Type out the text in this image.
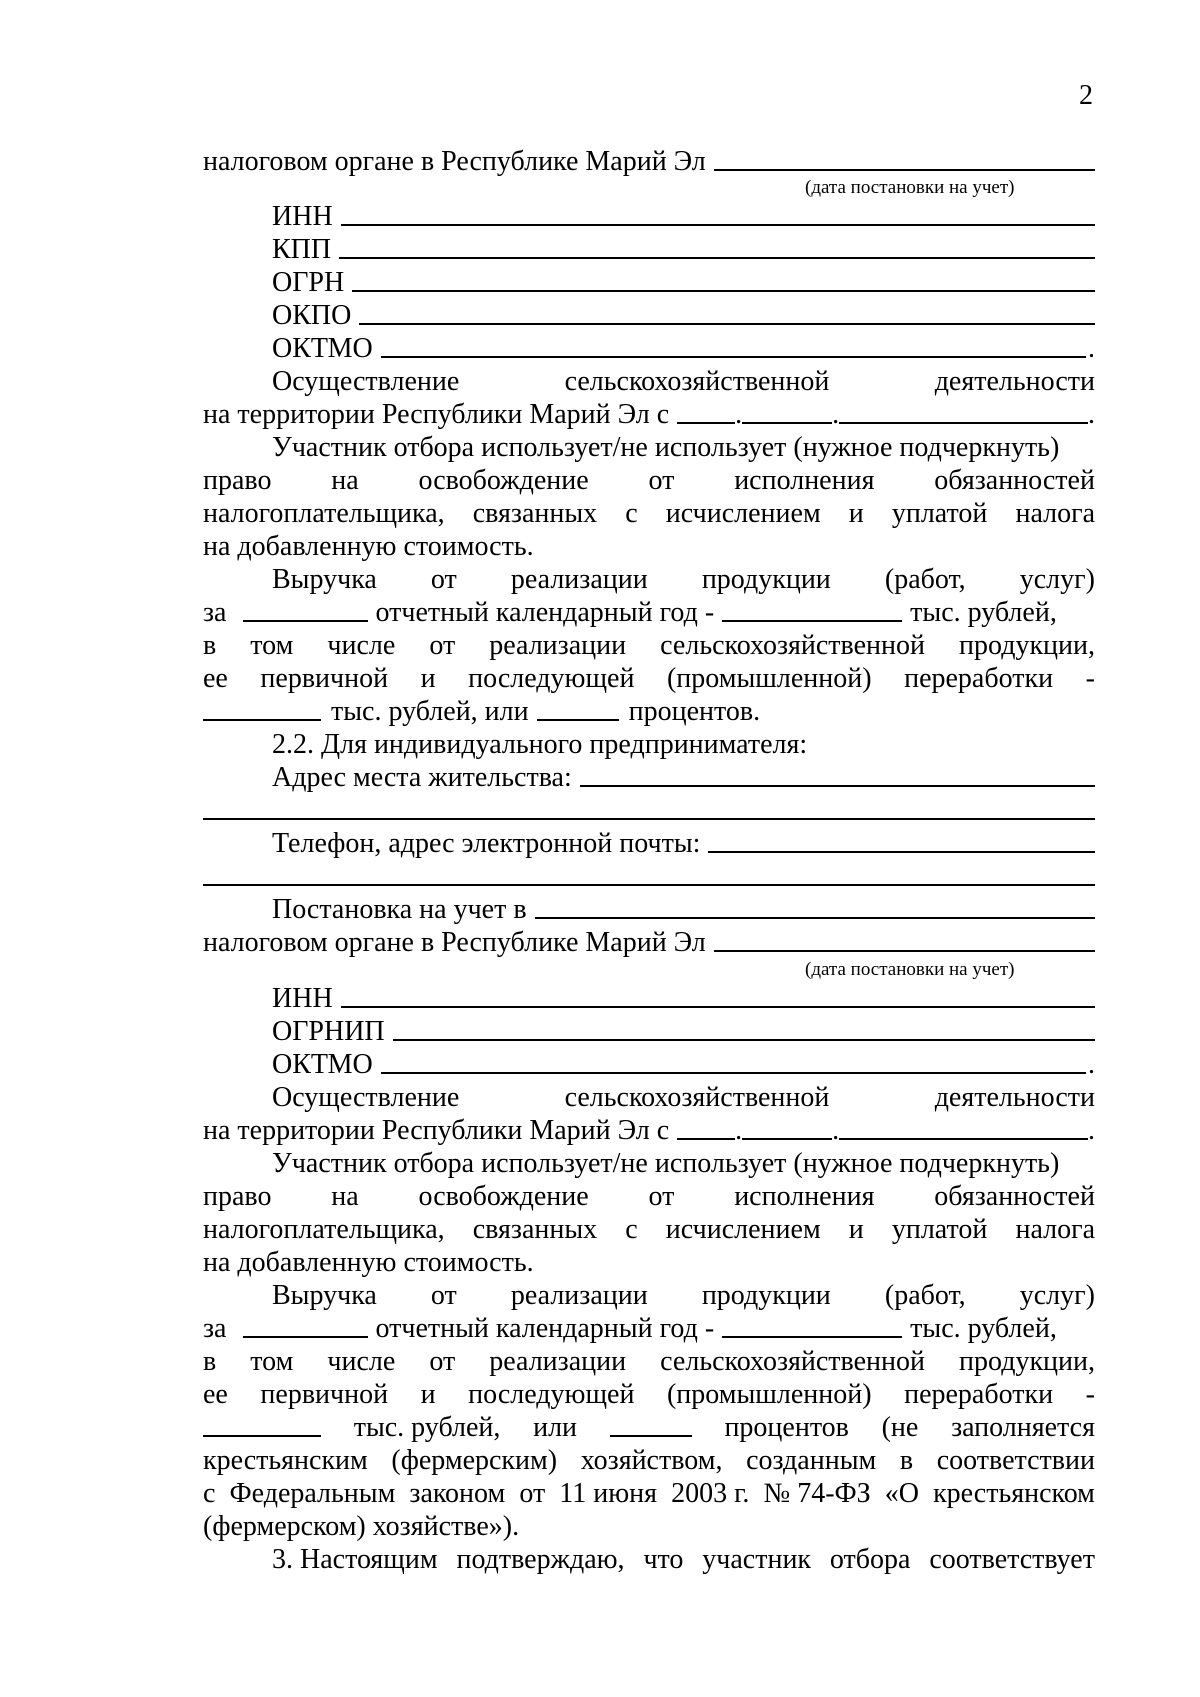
2
налоговом органе в Республике Марий Эл
(дата постановки на учет)
ИНН
КПП
ОГРН
ОКПО
ОКТМО	.
Осуществление	сельскохозяйственной	деятельности
на территории Республики Марий Эл с .	.	.
Участник отбора использует/не использует (нужное подчеркнуть)
право на освобождение от исполнения обязанностей
налогоплательщика, связанных с исчислением и уплатой налога
на добавленную стоимость.
Выручка от реализации продукции (работ, услуг)
за	отчетный календарный год -	тыс. рублей,
в том числе от реализации сельскохозяйственной продукции,
ее первичной и последующей (промышленной) переработки -
тыс. рублей, или	процентов.
2.2. Для индивидуального предпринимателя:
Адрес места жительства:
Телефон, адрес электронной почты:
Постановка на учет в
налоговом органе в Республике Марий Эл
(дата постановки на учет)
ИНН
ОГРНИП
ОКТМО	.
Осуществление	сельскохозяйственной	деятельности
на территории Республики Марий Эл с .	.	.
Участник отбора использует/не использует (нужное подчеркнуть)
право на освобождение от исполнения обязанностей
налогоплательщика, связанных с исчислением и уплатой налога
на добавленную стоимость.
Выручка от реализации продукции (работ, услуг)
за	отчетный календарный год -	тыс. рублей,
в том числе от реализации сельскохозяйственной продукции,
ее первичной и последующей (промышленной) переработки -
тыс. рублей, или	процентов (не заполняется
крестьянским (фермерским) хозяйством, созданным в соответствии
с Федеральным законом от 11 июня 2003 г. № 74-ФЗ «О крестьянском
(фермерском) хозяйстве»).
3. Настоящим подтверждаю, что участник отбора соответствует
